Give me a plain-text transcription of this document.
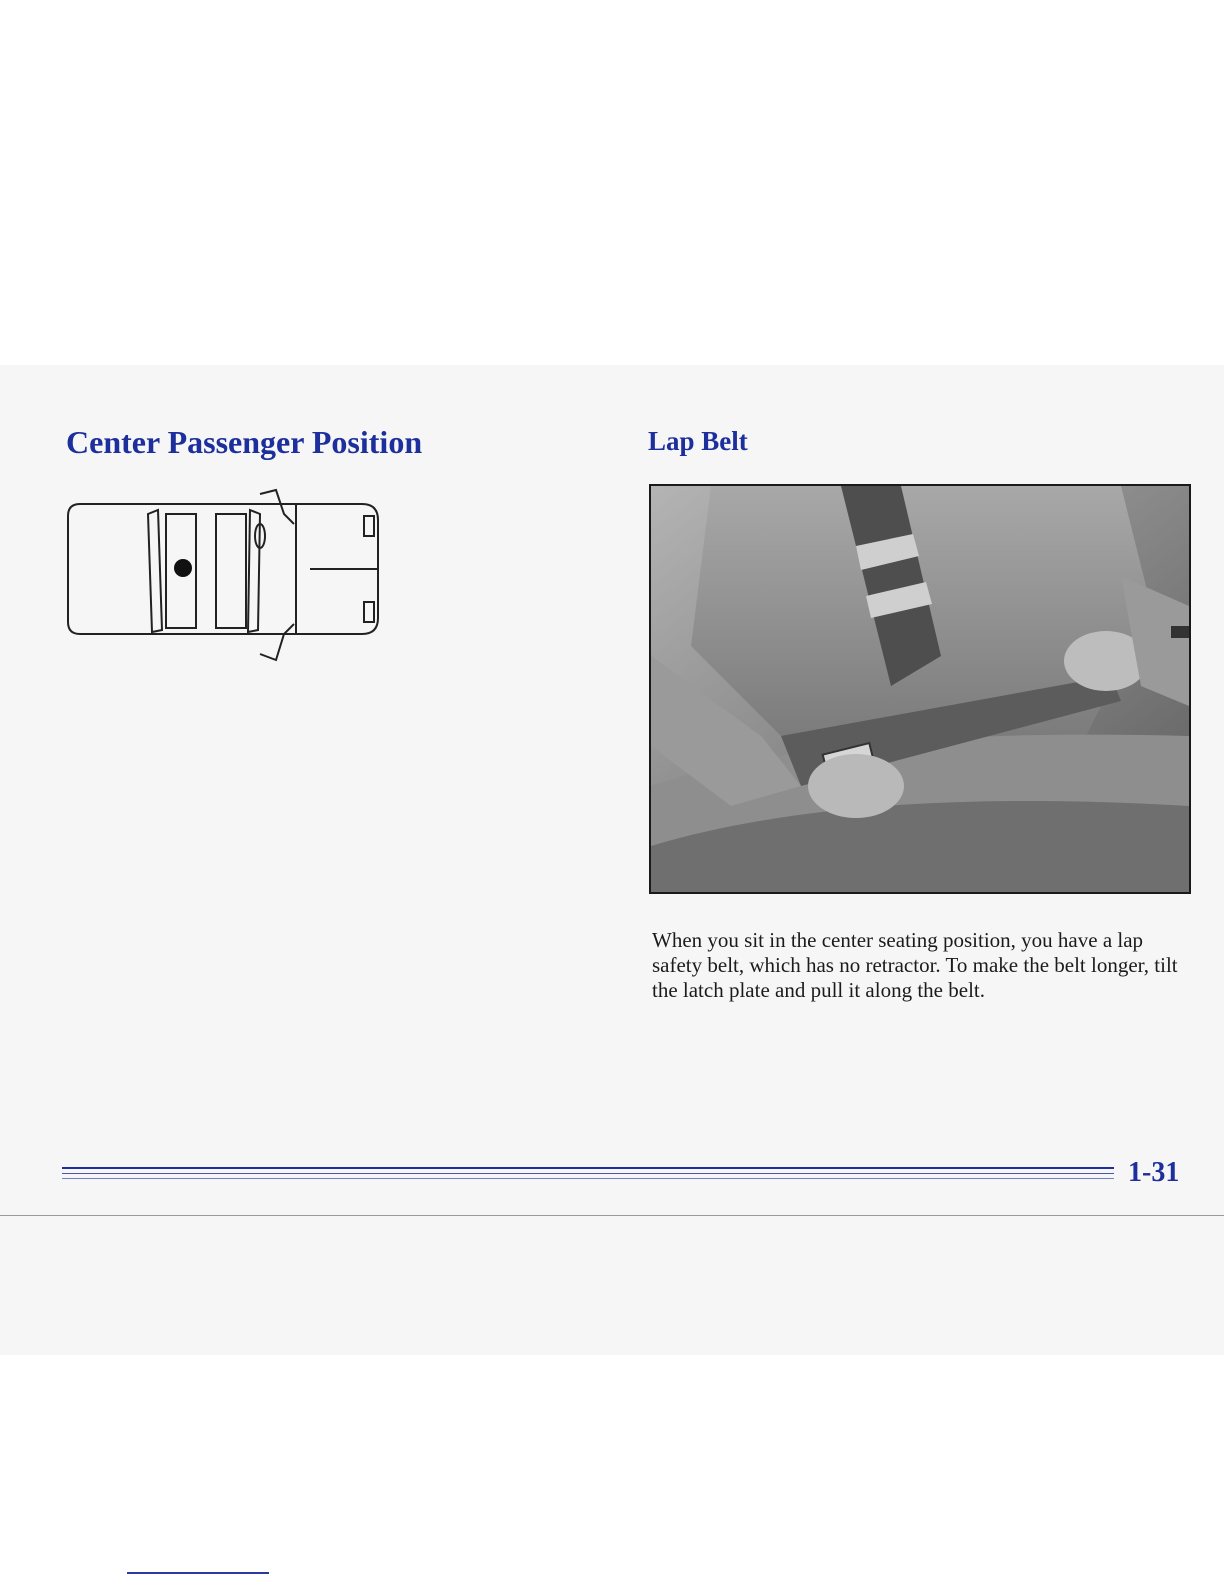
Center Passenger Position	Lap Belt

When you sit in the center seating position, you have a lap safety belt, which has no retractor. To make the belt longer, tilt the latch plate and pull it along the belt.

1-31
